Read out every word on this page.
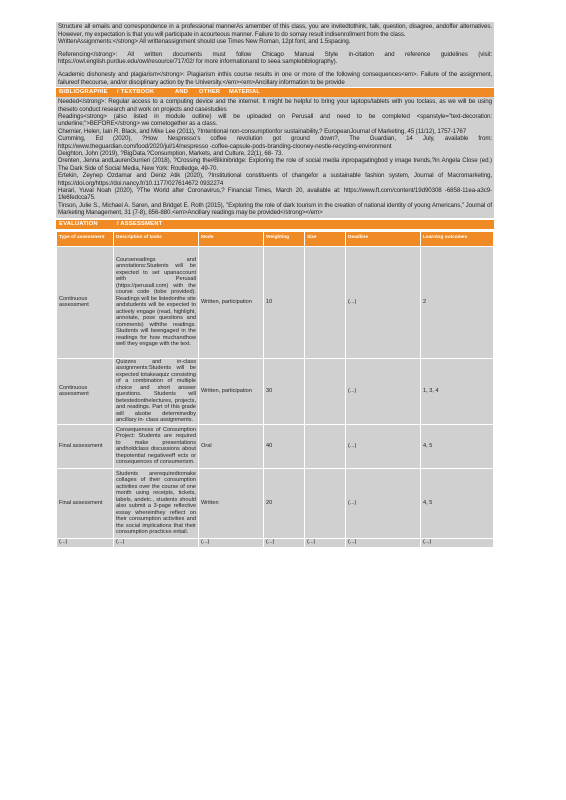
Structure all emails and correspondence in a professional mannerAs amember of this class, you are invitedtothink, talk, question, disagree, andoffer alternatives. However, my expectation is that you will participate in acourteous manner. Failure to do somay result indisenrollment from the class.

WrittenAssignments:</strong> All writtenassignment should use Times New Roman, 12pt font, and 1.5spacing.

Referencing</strong>: All written documents must follow Chicago Manual Style in-citation and reference guidelines (visit: https://owl.english.purdue.edu/owl/resource/717/02/ for more informationand to seea samplebibliography).

Academic dishonesty and plagiarism</strong>: Plagiarism inthis course results in one or more of the following consequences<em>. Failure of the assignment, failureof thecourse, and/or disciplinary action by the University.</em><em>Ancillary information to be provide

BIBLIOGRAPHIE / TEXTBOOK	AND OTHER MATERIAL
Needed</strong>: Regular access to a computing device and the internet. It might be helpful to bring your laptops/tablets with you toclass, as we will be using theseto conduct research and work on projects and casestudies
Readings<strong> (also listed in module outline) will be uploaded on Perusall and need to be completed <spanstyle="text-decoration: underline;">BEFORE</strong> we cometogether as a class.
Chernier, Helen, Iain R. Black, and Mike Lee (2011), ?Intentional non-consumptionfor sustainability,? EuropeanJournal of Marketing, 45 (11/12), 1757-1767
Cumming, Ed (2020), ?How Nespresso's coffee revolution got ground down?, The Guardian, 14 July, available from: https://www.theguardian.com/food/2020/jul/14/nespresso -coffee-capsule-pods-branding-clooney-nestle-recycling-environment
Deighton, John (2019), ?BigData,?Consumption, Markets, and Culture, 22(1), 68- 73.
Drenten, Jenna andLaurenGurrieri (2018), ?Crossing the#Bikinibridge: Exploring the role of social media inpropagatingbod y image trends,?in Angela Close (ed.) The Dark Side of Social Media, New York: Routledge, 49-70.
Ertekin, Zeynep Ozdamar and Deniz Atik (2020), ?Institutional constituents of changefor a sustainable fashion system, Journal of Macromarketing, https://doi.org/https://doi.nancy.fr/10.1177/027614672 0932274
Harari, Yuval Noah (2020), ?The World after Coronavirus,? Financial Times, March 20, available at: https://www.ft.com/content/19d90308 -6858-11ea-a3c9-1fe6fedcca75.
Tinson, Julie S., Michael A. Saren, and Bridget E. Roth (2015), "Exploring the role of dark tourism in the creation of national identity of young Americans," Journal of Marketing Management, 31 (7-8), 856-880.<em>Ancillary readings may be provided</strong></em>
EVALUATION	/ ASSESSMENT
Type of assessment	Description of tasks	Mode	Weighting	Size	Deadline	Learning outcomes
Continuous assessment	Coursereadings and annotations:Students will be expected to set upanaccount with Perusall (https://perusall.com) with the course code (tobe provided). Readings will be listedonthe site andstudents will be expected to actively engage (read, highlight, annotate, pose questions and comments) withthe readings. Students will beengaged in the readings for how muchandhow well they engage with the text.	Written, participation	10		(...)	2
Continuous assessment	Quizzes and in-class assignments:Students will be expected totakeaquiz consisting of a combination of multiple choice and short answer questions. Students will betestedonthelectures, projects, and readings. Part of this grade will alsobe determinedby ancillary in- class assignments.	Written, participation	30		(...)	1, 3, 4
Final assessment	Consequences of Consumption Project: Students are required to make presentations andholdclass discussions about thepotential negativeeff ects or consequences of consumerism.	Oral	40		(...)	4, 5
Final assessment	Students arerequiredtomake collages of their consumption activities over the course of one month using receipts, tickets, labels, andetc., students should also submit a 3-page reflective essay whereinthey reflect on their consumption activities and the social implications that their consumption practices entail.	Written	20		(...)	4, 5
(...)	(...)	(...)	(...)	(...)	(...)	(...)
